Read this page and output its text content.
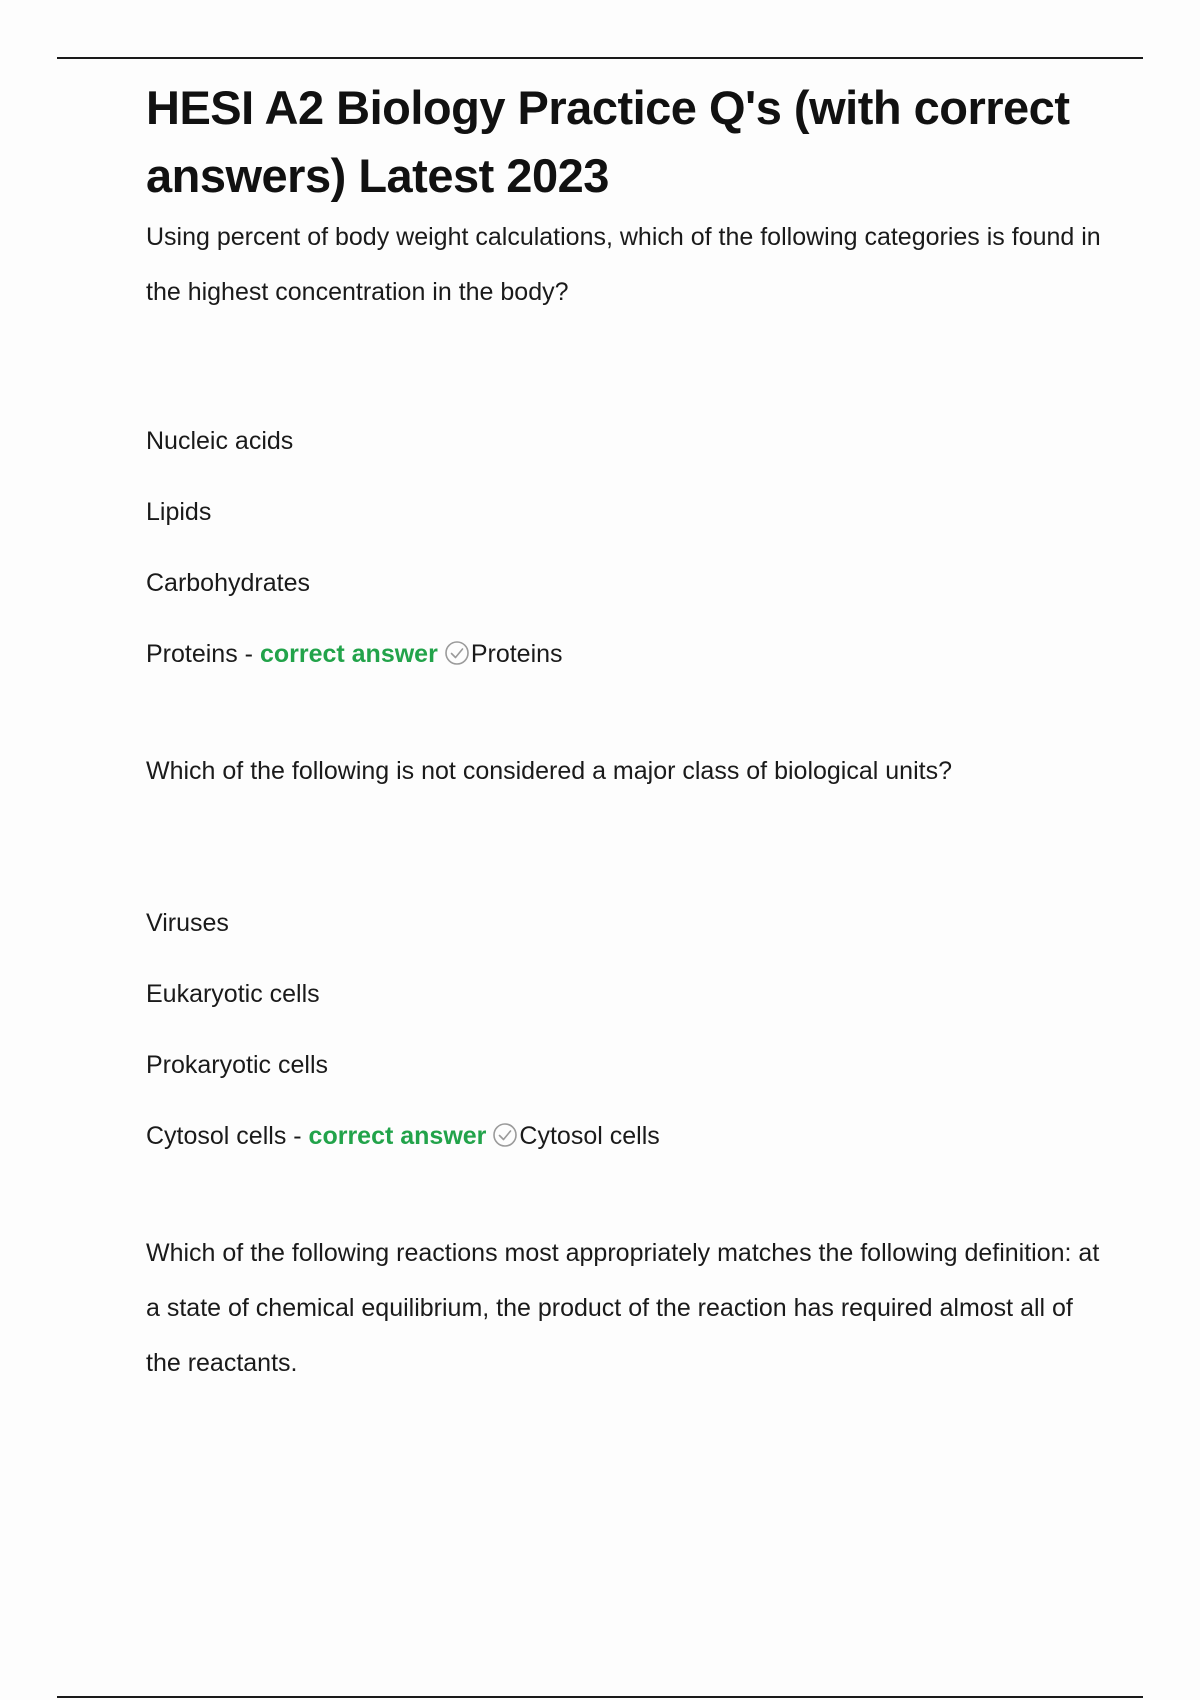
HESI A2 Biology Practice Q's (with correct answers) Latest 2023

Using percent of body weight calculations, which of the following categories is found in the highest concentration in the body?

Nucleic acids
Lipids
Carbohydrates
Proteins - correct answer Proteins

Which of the following is not considered a major class of biological units?

Viruses
Eukaryotic cells
Prokaryotic cells
Cytosol cells - correct answer Cytosol cells

Which of the following reactions most appropriately matches the following definition: at a state of chemical equilibrium, the product of the reaction has required almost all of the reactants.
